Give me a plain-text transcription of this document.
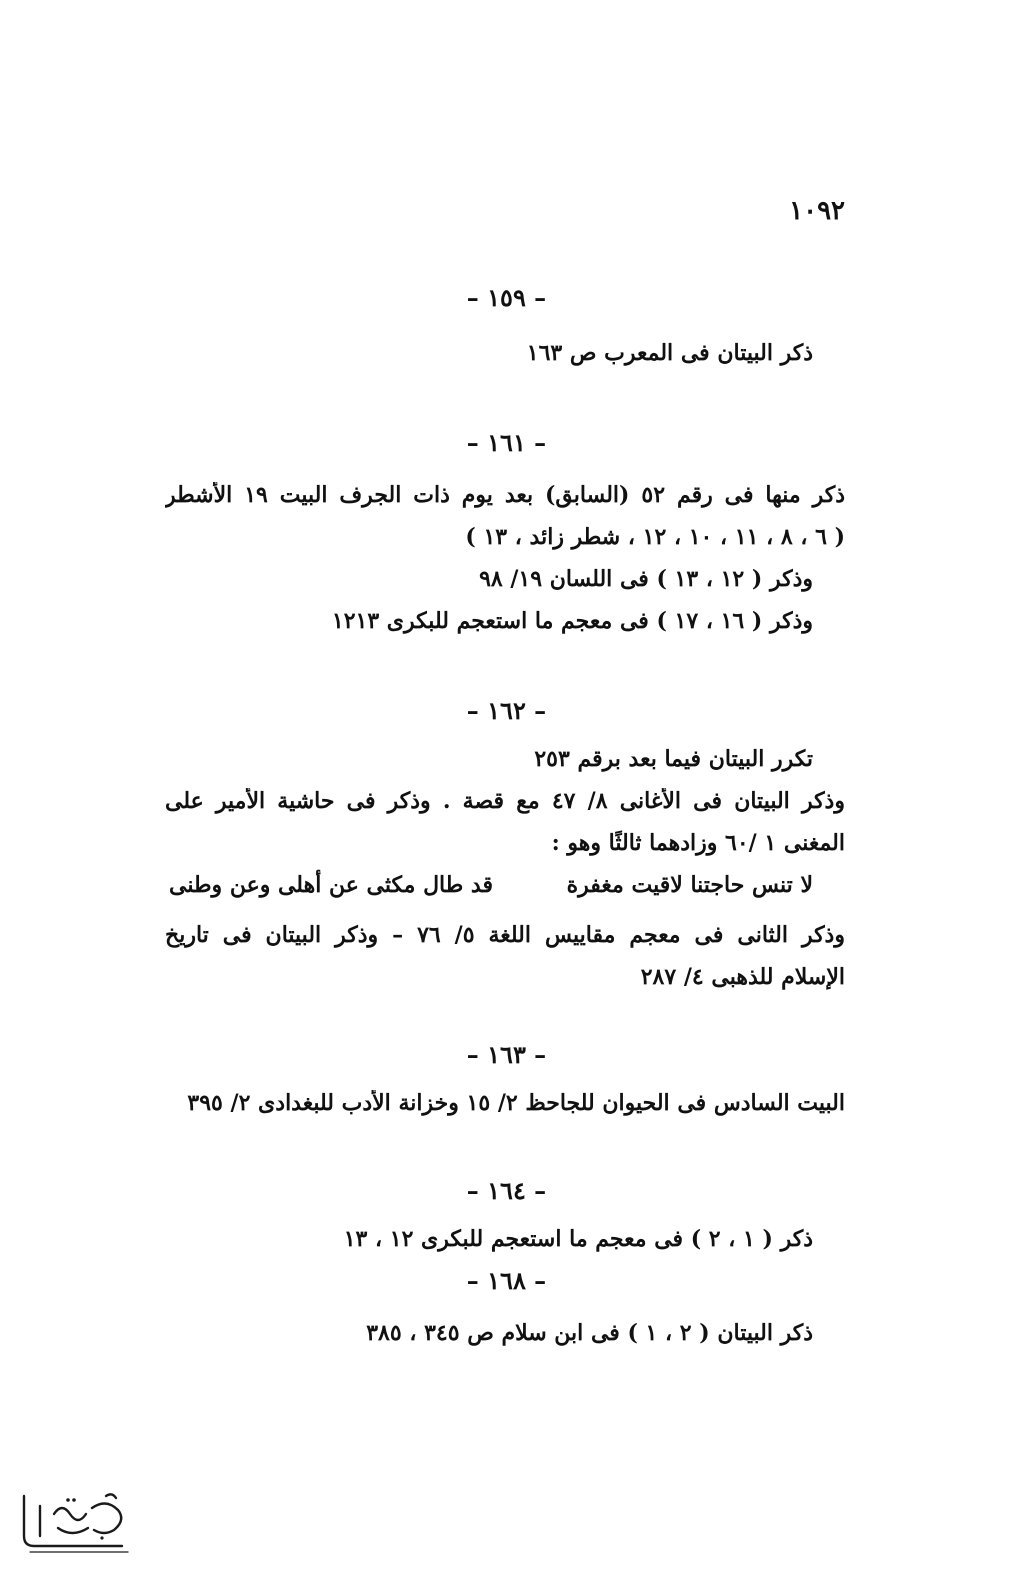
١٠٩٢
– ١٥٩ –
ذكر البيتان فى المعرب ص ١٦٣
– ١٦١ –
ذكر منها فى رقم ٥٢ (السابق) بعد يوم ذات الجرف البيت ١٩ الأشطر
( ٦ ، ٨ ، ١١ ، ١٠ ، ١٢ ، شطر زائد ، ١٣ )
وذكر ( ١٢ ، ١٣ ) فى اللسان ١٩/ ٩٨
وذكر ( ١٦ ، ١٧ ) فى معجم ما استعجم للبكرى ١٢١٣
– ١٦٢ –
تكرر البيتان فيما بعد برقم ٢٥٣
وذكر البيتان فى الأغانى ٨/ ٤٧ مع قصة . وذكر فى حاشية الأمير على
المغنى ١ /٦٠ وزادهما ثالثًا وهو :
لا تنس حاجتنا لاقيت مغفرة
قد طال مكثى عن أهلى وعن وطنى
وذكر الثانى فى معجم مقاييس اللغة ٥/ ٧٦ – وذكر البيتان فى تاريخ
الإسلام للذهبى ٤/ ٢٨٧
– ١٦٣ –
البيت السادس فى الحيوان للجاحظ ٢/ ١٥ وخزانة الأدب للبغدادى ٢/ ٣٩٥
– ١٦٤ –
ذكر ( ١ ، ٢ ) فى معجم ما استعجم للبكرى ١٢ ، ١٣
– ١٦٨ –
ذكر البيتان ( ٢ ، ١ ) فى ابن سلام ص ٣٤٥ ، ٣٨٥
